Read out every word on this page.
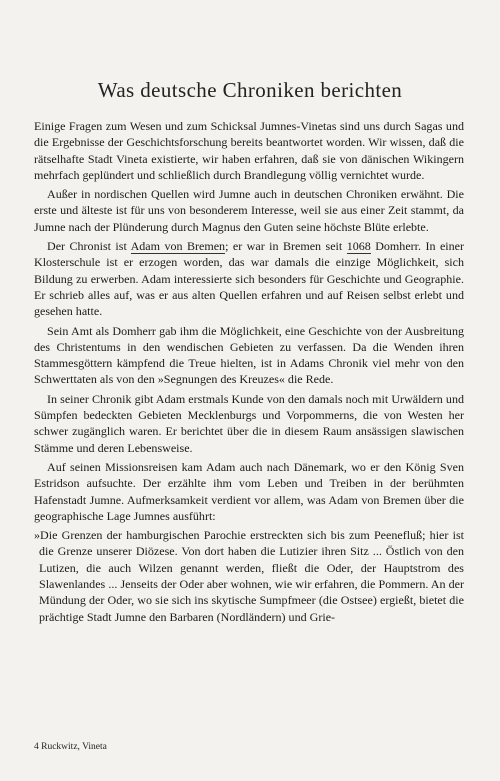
Was deutsche Chroniken berichten

Einige Fragen zum Wesen und zum Schicksal Jumnes-Vinetas sind uns durch Sagas und die Ergebnisse der Geschichtsforschung bereits beantwortet worden. Wir wissen, daß die rätselhafte Stadt Vineta existierte, wir haben erfahren, daß sie von dänischen Wikingern mehrfach geplündert und schließlich durch Brandlegung völlig vernichtet wurde.

Außer in nordischen Quellen wird Jumne auch in deutschen Chroniken erwähnt. Die erste und älteste ist für uns von besonderem Interesse, weil sie aus einer Zeit stammt, da Jumne nach der Plünderung durch Magnus den Guten seine höchste Blüte erlebte.

Der Chronist ist Adam von Bremen; er war in Bremen seit 1068 Domherr. In einer Klosterschule ist er erzogen worden, das war damals die einzige Möglichkeit, sich Bildung zu erwerben. Adam interessierte sich besonders für Geschichte und Geographie. Er schrieb alles auf, was er aus alten Quellen erfahren und auf Reisen selbst erlebt und gesehen hatte.

Sein Amt als Domherr gab ihm die Möglichkeit, eine Geschichte von der Ausbreitung des Christentums in den wendischen Gebieten zu verfassen. Da die Wenden ihren Stammesgöttern kämpfend die Treue hielten, ist in Adams Chronik viel mehr von den Schwerttaten als von den »Segnungen des Kreuzes« die Rede.

In seiner Chronik gibt Adam erstmals Kunde von den damals noch mit Urwäldern und Sümpfen bedeckten Gebieten Mecklenburgs und Vorpommerns, die von Westen her schwer zugänglich waren. Er berichtet über die in diesem Raum ansässigen slawischen Stämme und deren Lebensweise.

Auf seinen Missionsreisen kam Adam auch nach Dänemark, wo er den König Sven Estridson aufsuchte. Der erzählte ihm vom Leben und Treiben in der berühmten Hafenstadt Jumne. Aufmerksamkeit verdient vor allem, was Adam von Bremen über die geographische Lage Jumnes ausführt:

»Die Grenzen der hamburgischen Parochie erstreckten sich bis zum Peenefluß; hier ist die Grenze unserer Diözese. Von dort haben die Lutizier ihren Sitz ... Östlich von den Lutizen, die auch Wilzen genannt werden, fließt die Oder, der Hauptstrom des Slawenlandes ... Jenseits der Oder aber wohnen, wie wir erfahren, die Pommern. An der Mündung der Oder, wo sie sich ins skytische Sumpfmeer (die Ostsee) ergießt, bietet die prächtige Stadt Jumne den Barbaren (Nordländern) und Grie-

4 Ruckwitz, Vineta
